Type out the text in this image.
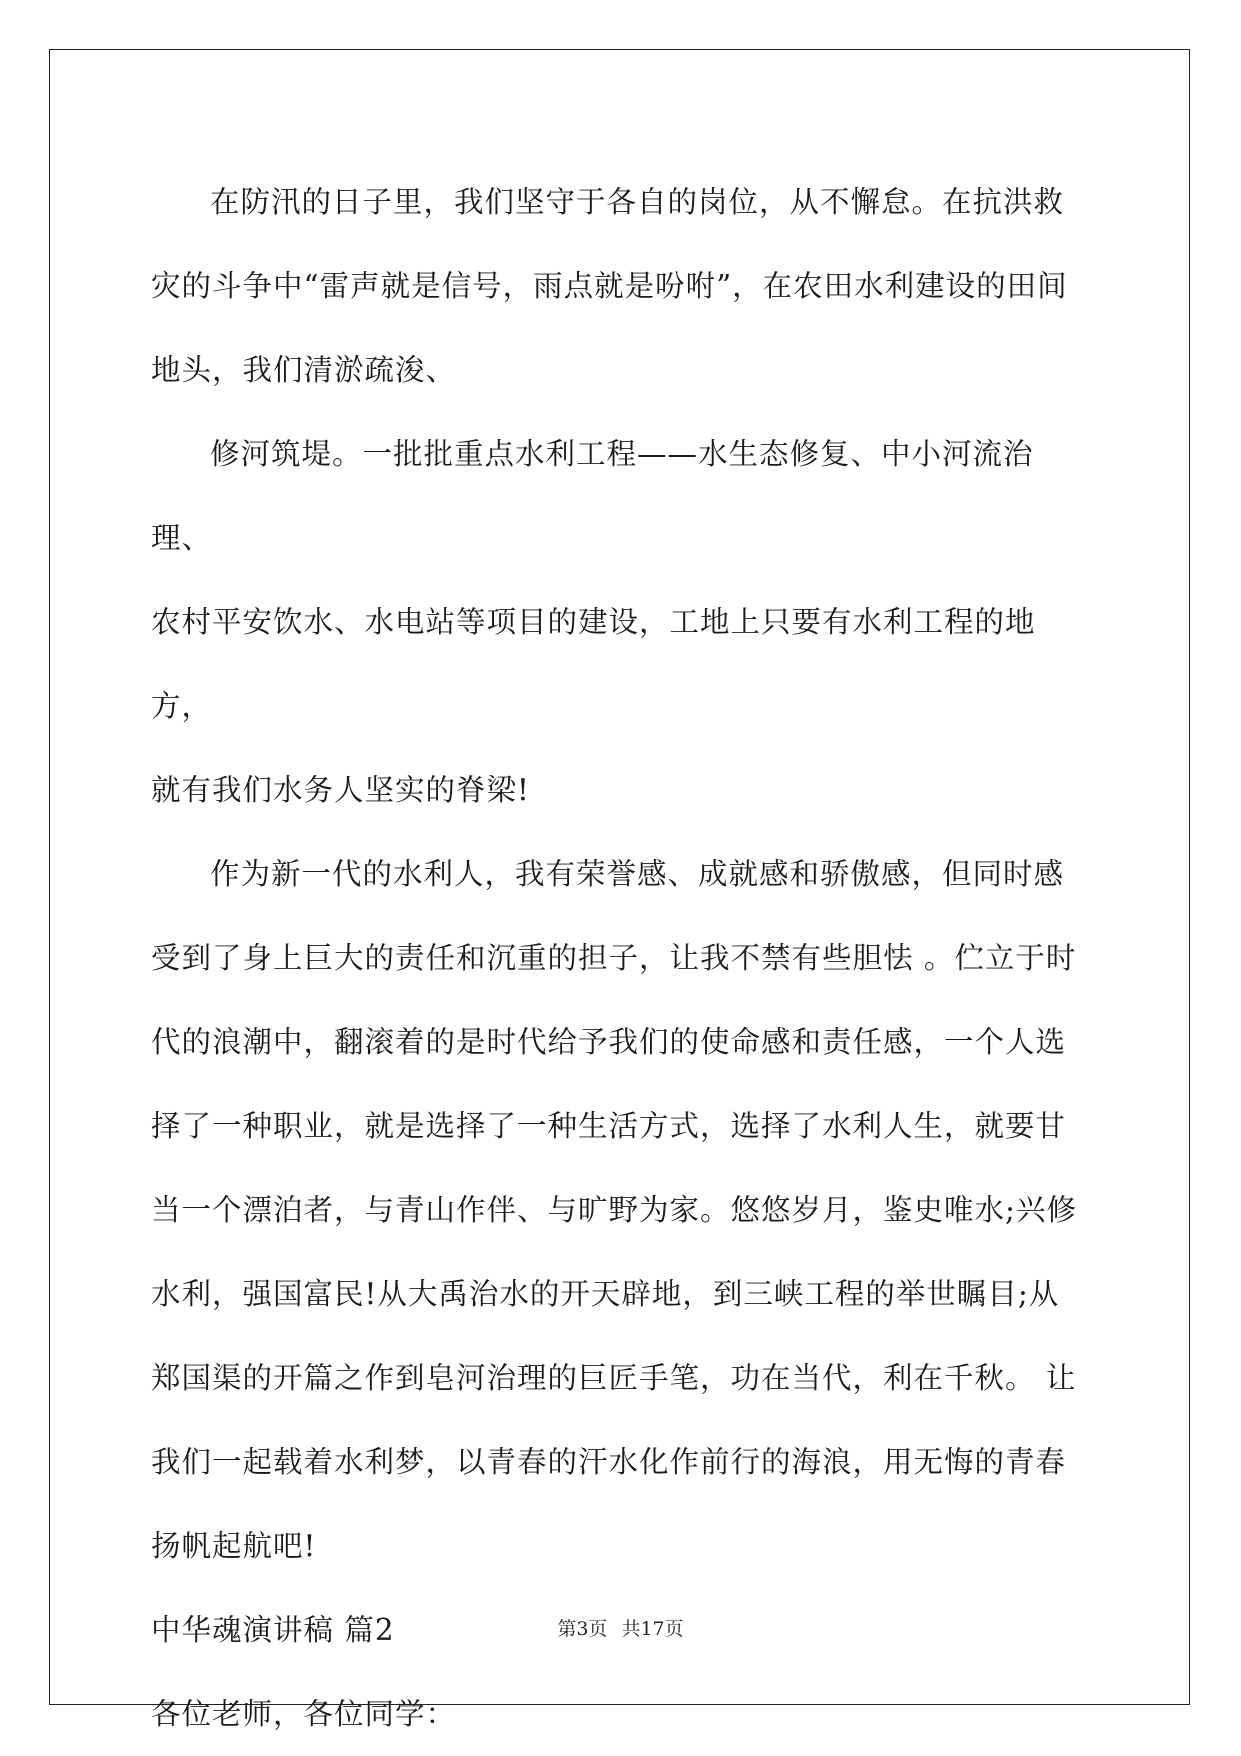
在防汛的日子里，我们坚守于各自的岗位，从不懈怠。在抗洪救

灾的斗争中“雷声就是信号，雨点就是吩咐”，在农田水利建设的田间

地头，我们清淤疏浚、

修河筑堤。一批批重点水利工程——水生态修复、中小河流治理、

农村平安饮水、水电站等项目的建设，工地上只要有水利工程的地方，

就有我们水务人坚实的脊梁!

作为新一代的水利人，我有荣誉感、成就感和骄傲感，但同时感

受到了身上巨大的责任和沉重的担子，让我不禁有些胆怯 。伫立于时

代的浪潮中，翻滚着的是时代给予我们的使命感和责任感，一个人选

择了一种职业，就是选择了一种生活方式，选择了水利人生，就要甘

当一个漂泊者，与青山作伴、与旷野为家。悠悠岁月，鉴史唯水;兴修

水利，强国富民!从大禹治水的开天辟地，到三峡工程的举世瞩目;从

郑国渠的开篇之作到皂河治理的巨匠手笔，功在当代，利在千秋。 让

我们一起载着水利梦，以青春的汗水化作前行的海浪，用无悔的青春

扬帆起航吧!

中华魂演讲稿 篇2

各位老师，各位同学：

第3页 共17页
